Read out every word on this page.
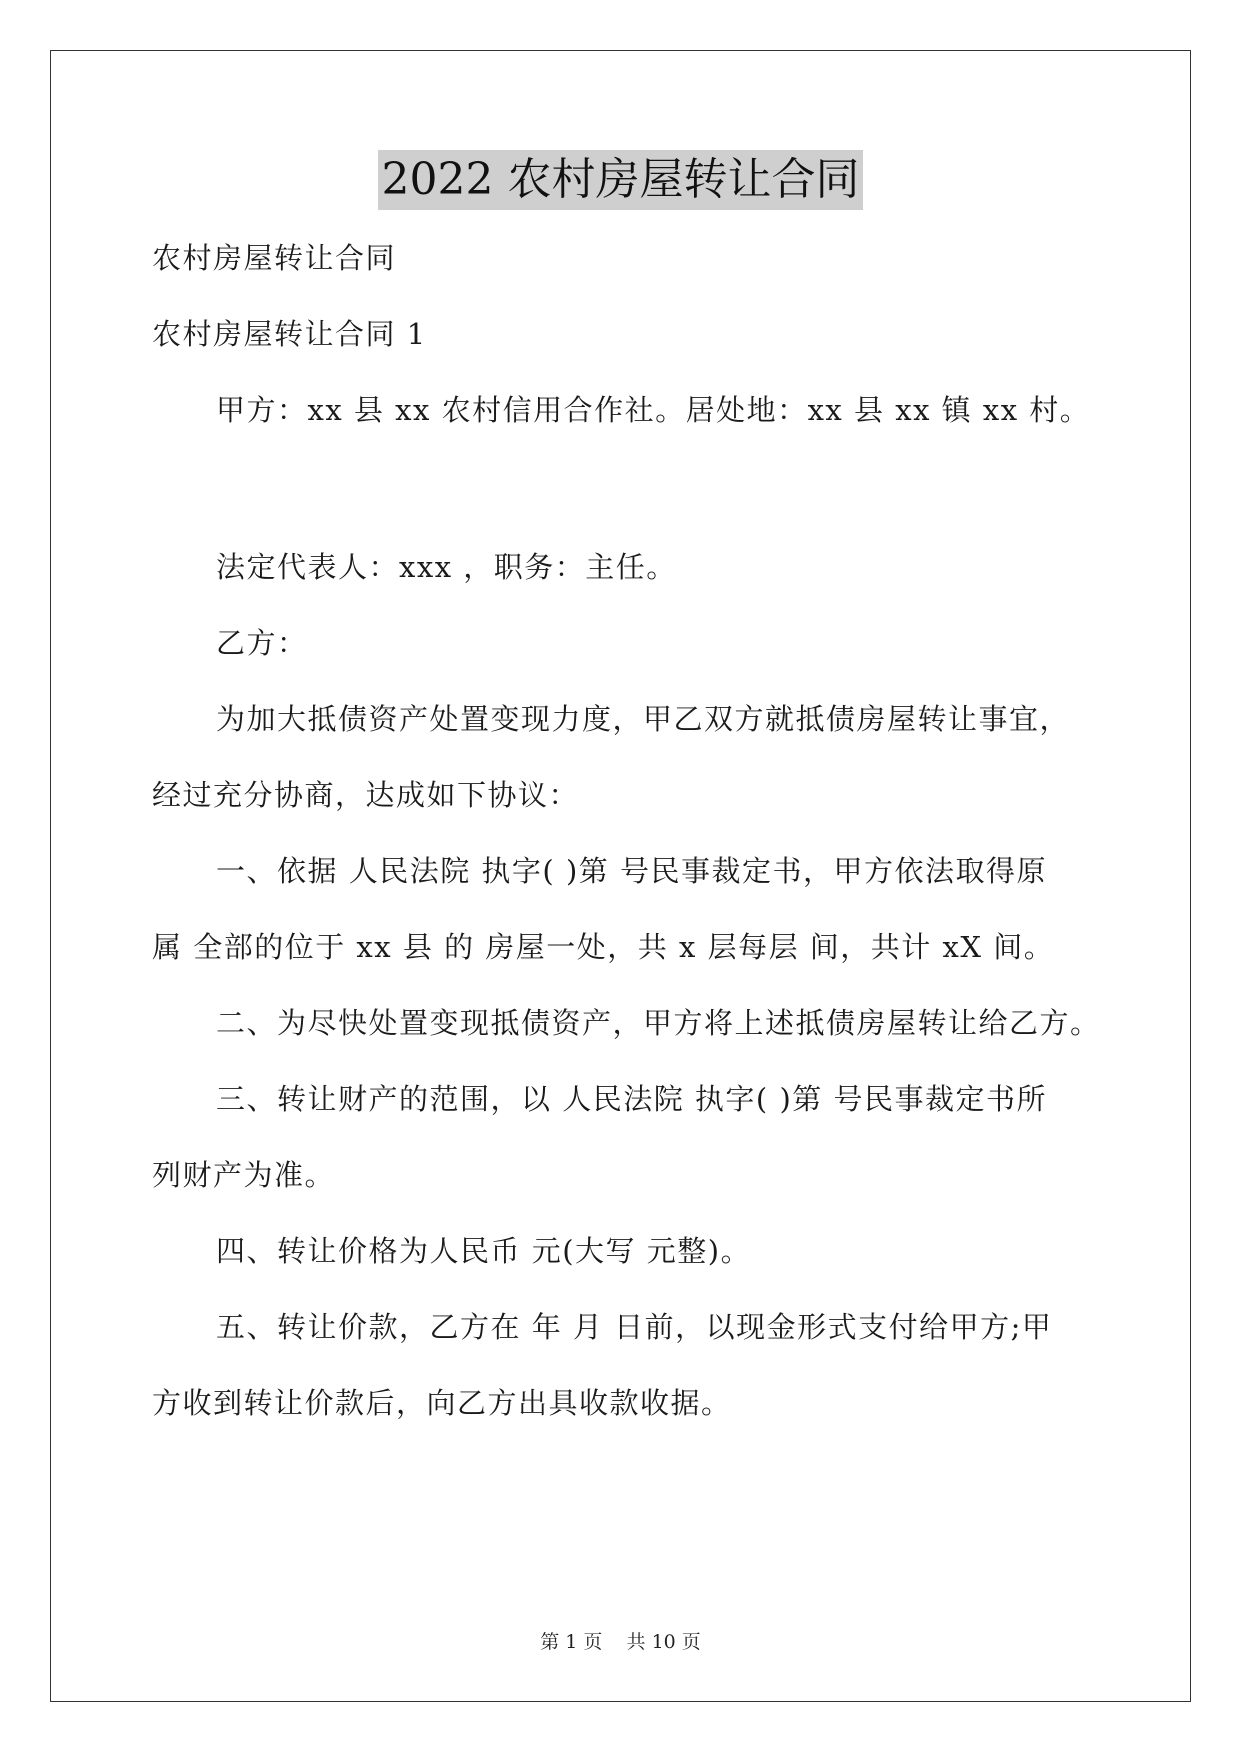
2022 农村房屋转让合同
农村房屋转让合同
农村房屋转让合同 1
甲方：xx 县 xx 农村信用合作社。居处地：xx 县 xx 镇 xx 村。
法定代表人：xxx ，职务：主任。
乙方：
为加大抵债资产处置变现力度，甲乙双方就抵债房屋转让事宜，
经过充分协商，达成如下协议：
一、依据 人民法院 执字( )第 号民事裁定书，甲方依法取得原
属 全部的位于 xx 县 的 房屋一处，共 x 层每层 间，共计 xX 间。
二、为尽快处置变现抵债资产，甲方将上述抵债房屋转让给乙方。
三、转让财产的范围，以 人民法院 执字( )第 号民事裁定书所
列财产为准。
四、转让价格为人民币 元(大写 元整)。
五、转让价款，乙方在 年 月 日前，以现金形式支付给甲方;甲
方收到转让价款后，向乙方出具收款收据。
第 1 页    共 10 页
